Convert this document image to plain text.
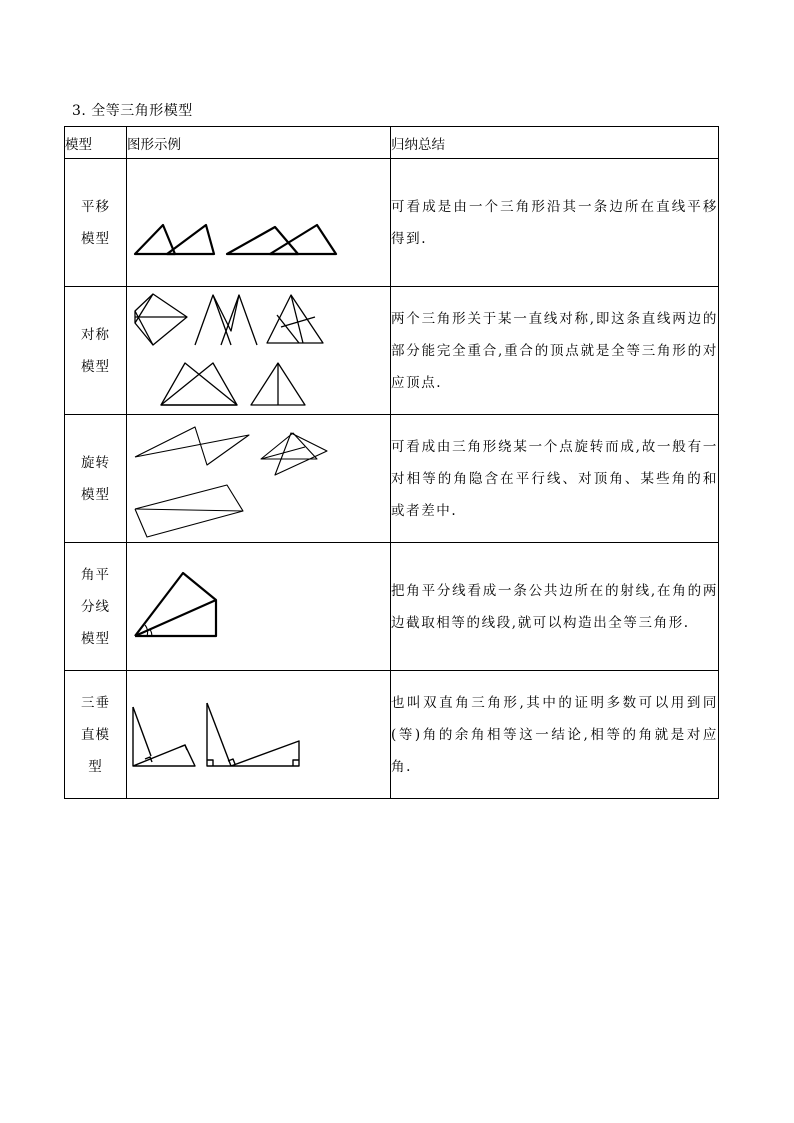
3. 全等三角形模型
模型	图形示例	归纳总结

平移
模型		可看成是由一个三角形沿其一条边所在直线平移得到.

对称
模型		两个三角形关于某一直线对称,即这条直线两边的部分能完全重合,重合的顶点就是全等三角形的对应顶点.

旋转
模型		可看成由三角形绕某一个点旋转而成,故一般有一对相等的角隐含在平行线、对顶角、某些角的和或者差中.

角平
分线
模型		把角平分线看成一条公共边所在的射线,在角的两边截取相等的线段,就可以构造出全等三角形.

三垂
直模
型		也叫双直角三角形,其中的证明多数可以用到同(等)角的余角相等这一结论,相等的角就是对应角.
